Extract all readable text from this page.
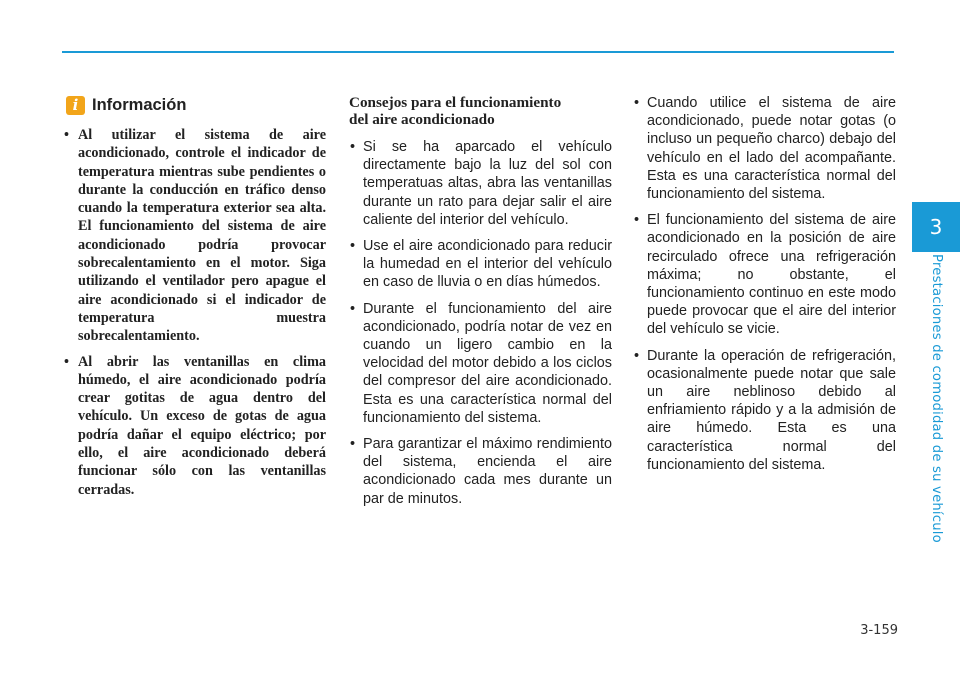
3
Prestaciones de comodidad de su vehículo
i Información
• Al utilizar el sistema de aire acondicionado, controle el indicador de temperatura mientras sube pendientes o durante la conducción en tráfico denso cuando la temperatura exterior sea alta. El funcionamiento del sistema de aire acondicionado podría provocar sobrecalentamiento en el motor. Siga utilizando el ventilador pero apague el aire acondicionado si el indicador de temperatura muestra sobrecalentamiento.
• Al abrir las ventanillas en clima húmedo, el aire acondicionado podría crear gotitas de agua dentro del vehículo. Un exceso de gotas de agua podría dañar el equipo eléctrico; por ello, el aire acondicionado deberá funcionar sólo con las ventanillas cerradas.
Consejos para el funcionamiento
del aire acondicionado
• Si se ha aparcado el vehículo directamente bajo la luz del sol con temperatuas altas, abra las ventanillas durante un rato para dejar salir el aire caliente del interior del vehículo.
• Use el aire acondicionado para reducir la humedad en el interior del vehículo en caso de lluvia o en días húmedos.
• Durante el funcionamiento del aire acondicionado, podría notar de vez en cuando un ligero cambio en la velocidad del motor debido a los ciclos del compresor del aire acondicionado. Esta es una característica normal del funcionamiento del sistema.
• Para garantizar el máximo rendimiento del sistema, encienda el aire acondicionado cada mes durante un par de minutos.
• Cuando utilice el sistema de aire acondicionado, puede notar gotas (o incluso un pequeño charco) debajo del vehículo en el lado del acompañante. Esta es una característica normal del funcionamiento del sistema.
• El funcionamiento del sistema de aire acondicionado en la posición de aire recirculado ofrece una refrigeración máxima; no obstante, el funcionamiento continuo en este modo puede provocar que el aire del interior del vehículo se vicie.
• Durante la operación de refrigeración, ocasionalmente puede notar que sale un aire neblinoso debido al enfriamiento rápido y a la admisión de aire húmedo. Esta es una característica normal del funcionamiento del sistema.
3-159
